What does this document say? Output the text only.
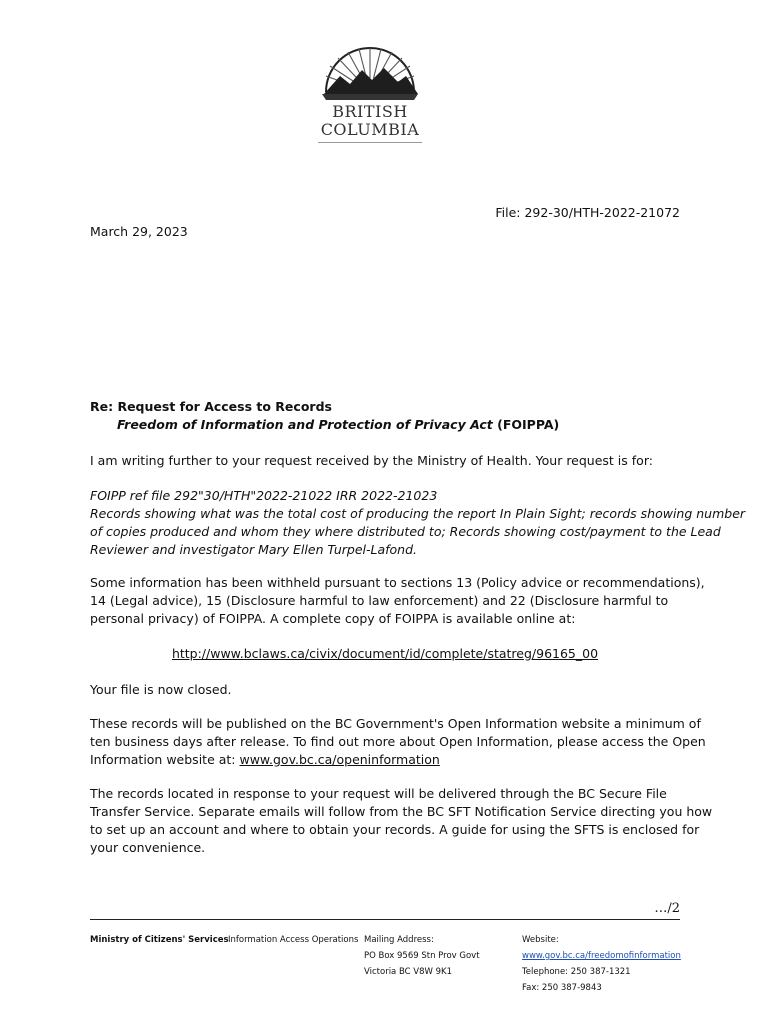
BRITISH
COLUMBIA
File: 292-30/HTH-2022-21072
March 29, 2023
Re: Request for Access to Records
Freedom of Information and Protection of Privacy Act (FOIPPA)
I am writing further to your request received by the Ministry of Health. Your request is for:
FOIPP ref file 292"30/HTH"2022-21022 IRR 2022-21023
Records showing what was the total cost of producing the report In Plain Sight; records showing number
of copies produced and whom they where distributed to; Records showing cost/payment to the Lead
Reviewer and investigator Mary Ellen Turpel-Lafond.
Some information has been withheld pursuant to sections 13 (Policy advice or recommendations),
14 (Legal advice), 15 (Disclosure harmful to law enforcement) and 22 (Disclosure harmful to
personal privacy) of FOIPPA. A complete copy of FOIPPA is available online at:
http://www.bclaws.ca/civix/document/id/complete/statreg/96165_00
Your file is now closed.
These records will be published on the BC Government's Open Information website a minimum of
ten business days after release. To find out more about Open Information, please access the Open
Information website at: www.gov.bc.ca/openinformation
The records located in response to your request will be delivered through the BC Secure File
Transfer Service. Separate emails will follow from the BC SFT Notification Service directing you how
to set up an account and where to obtain your records. A guide for using the SFTS is enclosed for
your convenience.
…/2
Ministry of Citizens' Services Information Access Operations Mailing Address:
PO Box 9569 Stn Prov Govt
Victoria BC V8W 9K1
Website:
www.gov.bc.ca/freedomofinformation
Telephone: 250 387-1321
Fax: 250 387-9843
